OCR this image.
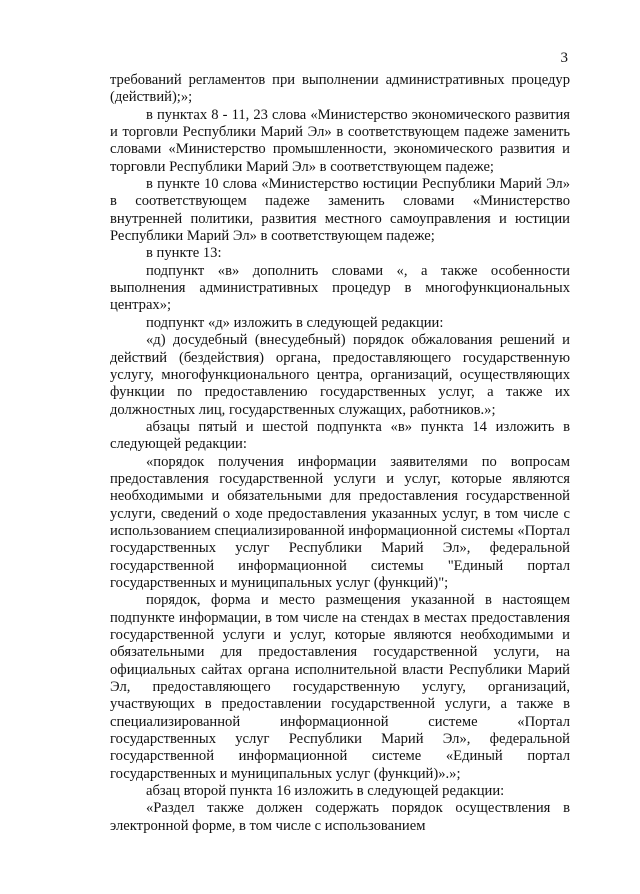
3

требований регламентов при выполнении административных процедур (действий);»;

в пунктах 8 - 11, 23 слова «Министерство экономического развития и торговли Республики Марий Эл» в соответствующем падеже заменить словами «Министерство промышленности, экономического развития и торговли Республики Марий Эл» в соответствующем падеже;

в пункте 10 слова «Министерство юстиции Республики Марий Эл» в соответствующем падеже заменить словами «Министерство внутренней политики, развития местного самоуправления и юстиции Республики Марий Эл» в соответствующем падеже;

в пункте 13:

подпункт «в» дополнить словами «, а также особенности выполнения административных процедур в многофункциональных центрах»;

подпункт «д» изложить в следующей редакции:

«д) досудебный (внесудебный) порядок обжалования решений и действий (бездействия) органа, предоставляющего государственную услугу, многофункционального центра, организаций, осуществляющих функции по предоставлению государственных услуг, а также их должностных лиц, государственных служащих, работников.»;

абзацы пятый и шестой подпункта «в» пункта 14 изложить в следующей редакции:

«порядок получения информации заявителями по вопросам предоставления государственной услуги и услуг, которые являются необходимыми и обязательными для предоставления государственной услуги, сведений о ходе предоставления указанных услуг, в том числе с использованием специализированной информационной системы «Портал государственных услуг Республики Марий Эл», федеральной государственной информационной системы "Единый портал государственных и муниципальных услуг (функций)";

порядок, форма и место размещения указанной в настоящем подпункте информации, в том числе на стендах в местах предоставления государственной услуги и услуг, которые являются необходимыми и обязательными для предоставления государственной услуги, на официальных сайтах органа исполнительной власти Республики Марий Эл, предоставляющего государственную услугу, организаций, участвующих в предоставлении государственной услуги, а также в специализированной информационной системе «Портал государственных услуг Республики Марий Эл», федеральной государственной информационной системе «Единый портал государственных и муниципальных услуг (функций)».»;

абзац второй пункта 16 изложить в следующей редакции:

«Раздел также должен содержать порядок осуществления в электронной форме, в том числе с использованием
